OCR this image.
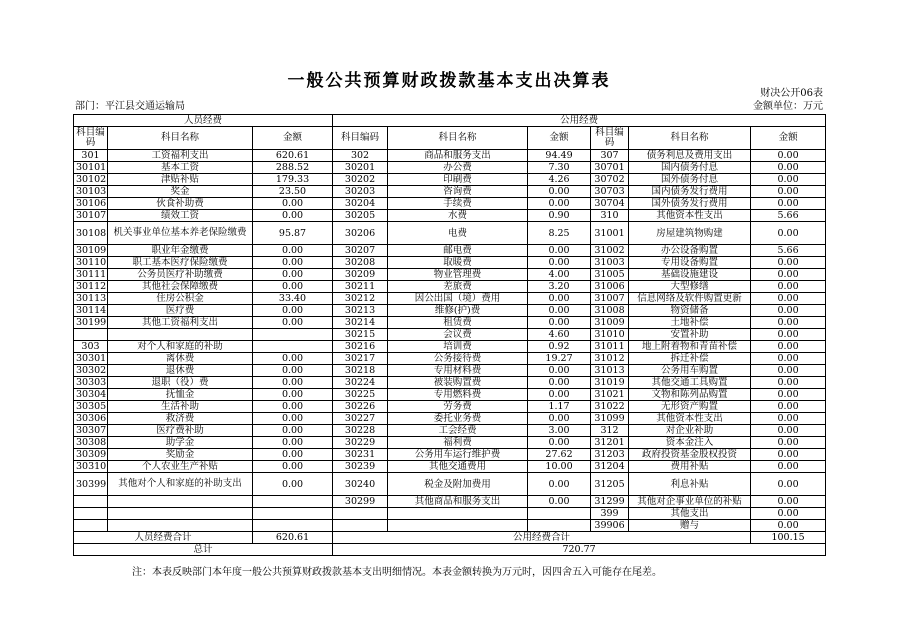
一般公共预算财政拨款基本支出决算表
财决公开06表
部门：平江县交通运输局	金额单位：万元
人员经费			公用经费					
科目编码	科目名称	金额	科目编码	科目名称	金额	科目编码	科目名称	金额
301	工资福利支出	620.61	302	商品和服务支出	94.49	307	债务利息及费用支出	0.00
30101	基本工资	288.52	30201	办公费	7.30	30701	国内债务付息	0.00
30102	津贴补贴	179.33	30202	印刷费	4.26	30702	国外债务付息	0.00
30103	奖金	23.50	30203	咨询费	0.00	30703	国内债务发行费用	0.00
30106	伙食补助费	0.00	30204	手续费	0.00	30704	国外债务发行费用	0.00
30107	绩效工资	0.00	30205	水费	0.90	310	其他资本性支出	5.66
30108	机关事业单位基本养老保险缴费	95.87	30206	电费	8.25	31001	房屋建筑物购建	0.00
30109	职业年金缴费	0.00	30207	邮电费	0.00	31002	办公设备购置	5.66
30110	职工基本医疗保险缴费	0.00	30208	取暖费	0.00	31003	专用设备购置	0.00
30111	公务员医疗补助缴费	0.00	30209	物业管理费	4.00	31005	基础设施建设	0.00
30112	其他社会保障缴费	0.00	30211	差旅费	3.20	31006	大型修缮	0.00
30113	住房公积金	33.40	30212	因公出国（境）费用	0.00	31007	信息网络及软件购置更新	0.00
30114	医疗费	0.00	30213	维修(护)费	0.00	31008	物资储备	0.00
30199	其他工资福利支出	0.00	30214	租赁费	0.00	31009	土地补偿	0.00
			30215	会议费	4.60	31010	安置补助	0.00
303	对个人和家庭的补助		30216	培训费	0.92	31011	地上附着物和青苗补偿	0.00
30301	离休费	0.00	30217	公务接待费	19.27	31012	拆迁补偿	0.00
30302	退休费	0.00	30218	专用材料费	0.00	31013	公务用车购置	0.00
30303	退职（役）费	0.00	30224	被装购置费	0.00	31019	其他交通工具购置	0.00
30304	抚恤金	0.00	30225	专用燃料费	0.00	31021	文物和陈列品购置	0.00
30305	生活补助	0.00	30226	劳务费	1.17	31022	无形资产购置	0.00
30306	救济费	0.00	30227	委托业务费	0.00	31099	其他资本性支出	0.00
30307	医疗费补助	0.00	30228	工会经费	3.00	312	对企业补助	0.00
30308	助学金	0.00	30229	福利费	0.00	31201	资本金注入	0.00
30309	奖励金	0.00	30231	公务用车运行维护费	27.62	31203	政府投资基金股权投资	0.00
30310	个人农业生产补贴	0.00	30239	其他交通费用	10.00	31204	费用补贴	0.00
30399	其他对个人和家庭的补助支出	0.00	30240	税金及附加费用	0.00	31205	利息补贴	0.00
			30299	其他商品和服务支出	0.00	31299	其他对企事业单位的补贴	0.00
						399	其他支出	0.00
						39906	赠与	0.00
人员经费合计		620.61	公用经费合计					100.15
总计			720.77					
注：本表反映部门本年度一般公共预算财政拨款基本支出明细情况。本表金额转换为万元时，因四舍五入可能存在尾差。
